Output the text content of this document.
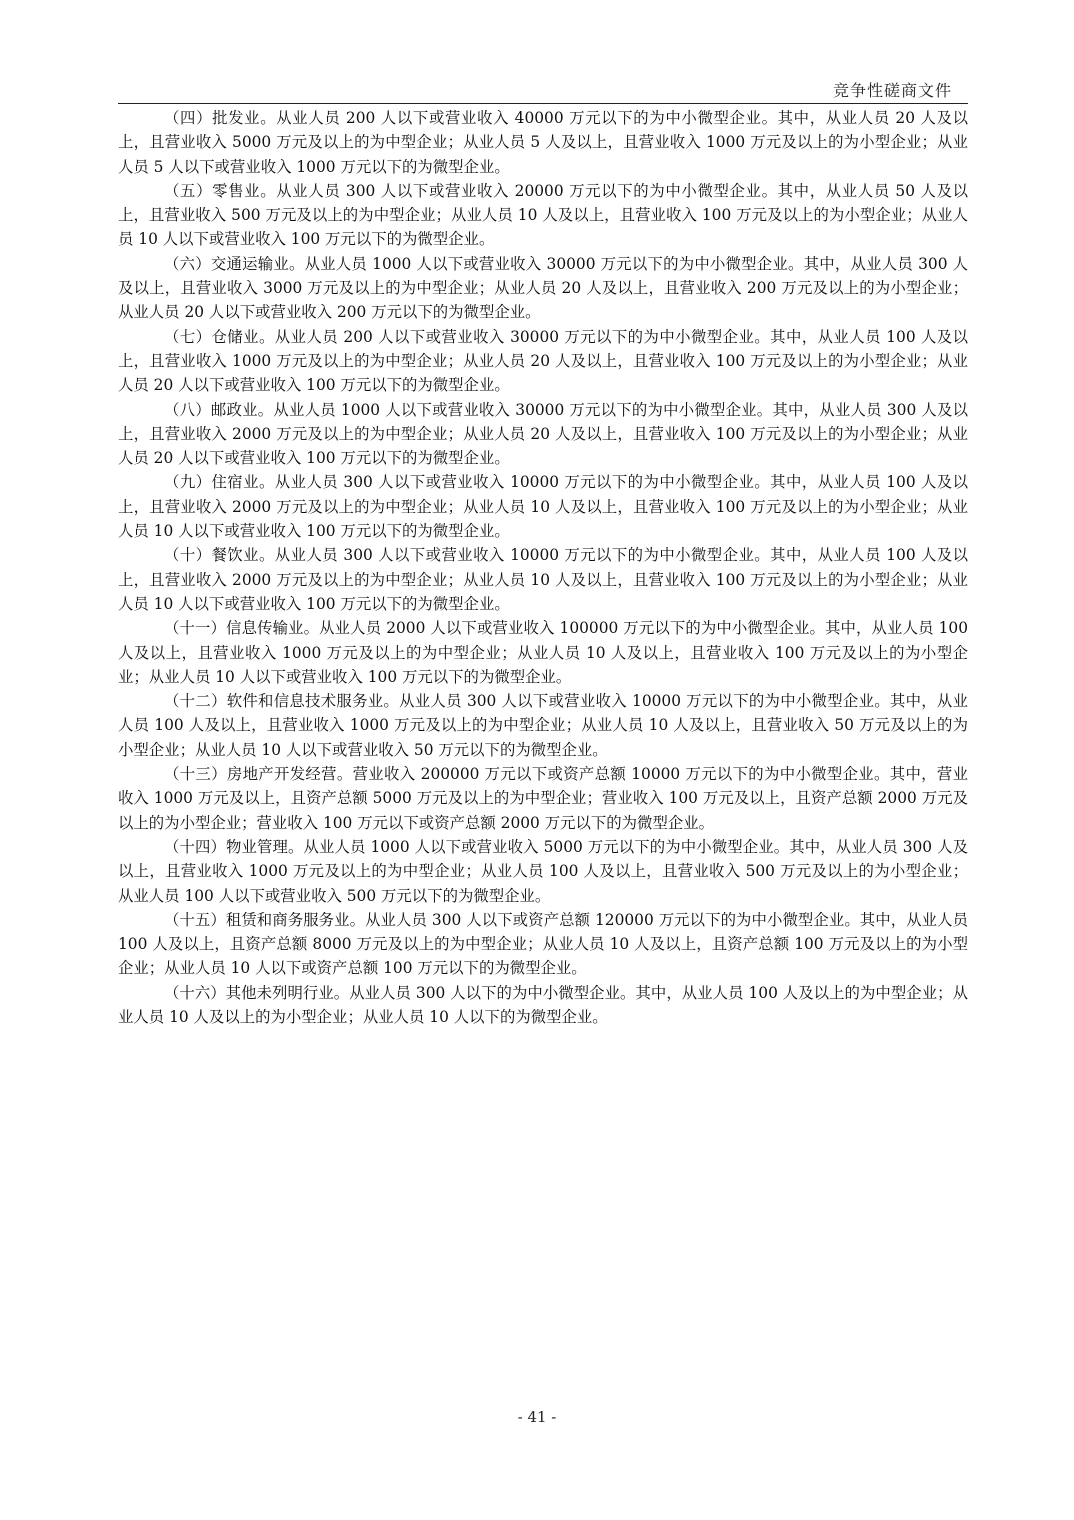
竞争性磋商文件

（四）批发业。从业人员 200 人以下或营业收入 40000 万元以下的为中小微型企业。其中，从业人员 20 人及以上，且营业收入 5000 万元及以上的为中型企业；从业人员 5 人及以上，且营业收入 1000 万元及以上的为小型企业；从业人员 5 人以下或营业收入 1000 万元以下的为微型企业。

（五）零售业。从业人员 300 人以下或营业收入 20000 万元以下的为中小微型企业。其中，从业人员 50 人及以上，且营业收入 500 万元及以上的为中型企业；从业人员 10 人及以上，且营业收入 100 万元及以上的为小型企业；从业人员 10 人以下或营业收入 100 万元以下的为微型企业。

（六）交通运输业。从业人员 1000 人以下或营业收入 30000 万元以下的为中小微型企业。其中，从业人员 300 人及以上，且营业收入 3000 万元及以上的为中型企业；从业人员 20 人及以上，且营业收入 200 万元及以上的为小型企业；从业人员 20 人以下或营业收入 200 万元以下的为微型企业。

（七）仓储业。从业人员 200 人以下或营业收入 30000 万元以下的为中小微型企业。其中，从业人员 100 人及以上，且营业收入 1000 万元及以上的为中型企业；从业人员 20 人及以上，且营业收入 100 万元及以上的为小型企业；从业人员 20 人以下或营业收入 100 万元以下的为微型企业。

（八）邮政业。从业人员 1000 人以下或营业收入 30000 万元以下的为中小微型企业。其中，从业人员 300 人及以上，且营业收入 2000 万元及以上的为中型企业；从业人员 20 人及以上，且营业收入 100 万元及以上的为小型企业；从业人员 20 人以下或营业收入 100 万元以下的为微型企业。

（九）住宿业。从业人员 300 人以下或营业收入 10000 万元以下的为中小微型企业。其中，从业人员 100 人及以上，且营业收入 2000 万元及以上的为中型企业；从业人员 10 人及以上，且营业收入 100 万元及以上的为小型企业；从业人员 10 人以下或营业收入 100 万元以下的为微型企业。

（十）餐饮业。从业人员 300 人以下或营业收入 10000 万元以下的为中小微型企业。其中，从业人员 100 人及以上，且营业收入 2000 万元及以上的为中型企业；从业人员 10 人及以上，且营业收入 100 万元及以上的为小型企业；从业人员 10 人以下或营业收入 100 万元以下的为微型企业。

（十一）信息传输业。从业人员 2000 人以下或营业收入 100000 万元以下的为中小微型企业。其中，从业人员 100 人及以上，且营业收入 1000 万元及以上的为中型企业；从业人员 10 人及以上，且营业收入 100 万元及以上的为小型企业；从业人员 10 人以下或营业收入 100 万元以下的为微型企业。

（十二）软件和信息技术服务业。从业人员 300 人以下或营业收入 10000 万元以下的为中小微型企业。其中，从业人员 100 人及以上，且营业收入 1000 万元及以上的为中型企业；从业人员 10 人及以上，且营业收入 50 万元及以上的为小型企业；从业人员 10 人以下或营业收入 50 万元以下的为微型企业。

（十三）房地产开发经营。营业收入 200000 万元以下或资产总额 10000 万元以下的为中小微型企业。其中，营业收入 1000 万元及以上，且资产总额 5000 万元及以上的为中型企业；营业收入 100 万元及以上，且资产总额 2000 万元及以上的为小型企业；营业收入 100 万元以下或资产总额 2000 万元以下的为微型企业。

（十四）物业管理。从业人员 1000 人以下或营业收入 5000 万元以下的为中小微型企业。其中，从业人员 300 人及以上，且营业收入 1000 万元及以上的为中型企业；从业人员 100 人及以上，且营业收入 500 万元及以上的为小型企业；从业人员 100 人以下或营业收入 500 万元以下的为微型企业。

（十五）租赁和商务服务业。从业人员 300 人以下或资产总额 120000 万元以下的为中小微型企业。其中，从业人员 100 人及以上，且资产总额 8000 万元及以上的为中型企业；从业人员 10 人及以上，且资产总额 100 万元及以上的为小型企业；从业人员 10 人以下或资产总额 100 万元以下的为微型企业。

（十六）其他未列明行业。从业人员 300 人以下的为中小微型企业。其中，从业人员 100 人及以上的为中型企业；从业人员 10 人及以上的为小型企业；从业人员 10 人以下的为微型企业。

- 41 -
